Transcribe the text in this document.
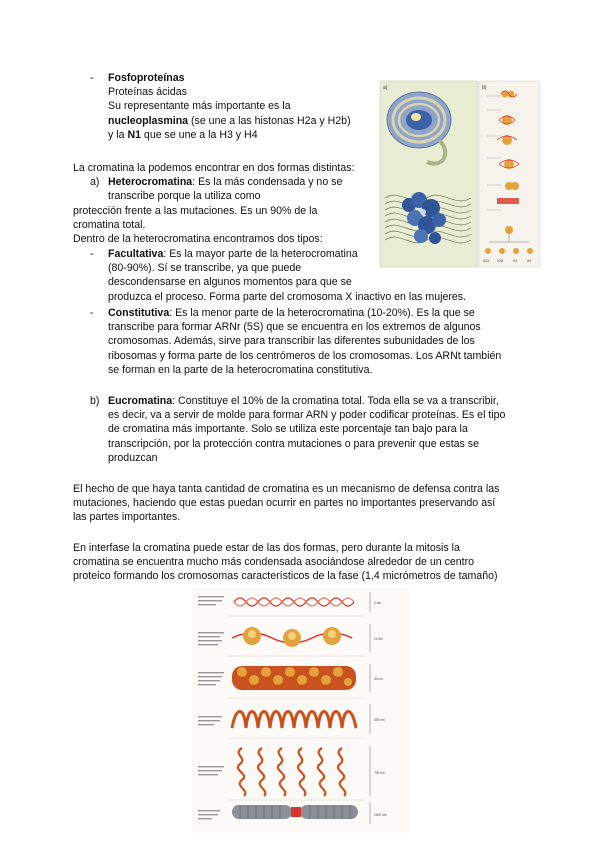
- Fosfoproteínas
Proteínas ácidas
Su representante más importante es la
nucleoplasmina (se une a las histonas H2a y H2b)
y la N1 que se une a la H3 y H4
La cromatina la podemos encontrar en dos formas distintas:
a) Heterocromatina: Es la más condensada y no se
transcribe porque la utiliza como
protección frente a las mutaciones. Es un 90% de la
cromatina total.
Dentro de la heterocromatina encontramos dos tipos:
- Facultativa: Es la mayor parte de la heterocromatina
(80-90%). Sí se transcribe, ya que puede
descondensarse en algunos momentos para que se
produzca el proceso. Forma parte del cromosoma X inactivo en las mujeres.
- Constitutiva: Es la menor parte de la heterocromatina (10-20%). Es la que se
transcribe para formar ARNr (5S) que se encuentra en los extremos de algunos
cromosomas. Además, sirve para transcribir las diferentes subunidades de los
ribosomas y forma parte de los centrómeros de los cromosomas. Los ARNt también
se forman en la parte de la heterocromatina constitutiva.
b) Eucromatina: Constituye el 10% de la cromatina total. Toda ella se va a transcribir,
es decir, va a servir de molde para formar ARN y poder codificar proteínas. Es el tipo
de cromatina más importante. Solo se utiliza este porcentaje tan bajo para la
transcripción, por la protección contra mutaciones o para prevenir que estas se
produzcan
El hecho de que haya tanta cantidad de cromatina es un mecanismo de defensa contra las
mutaciones, haciendo que estas puedan ocurrir en partes no importantes preservando así
las partes importantes.
En interfase la cromatina puede estar de las dos formas, pero durante la mitosis la
cromatina se encuentra mucho más condensada asociándose alrededor de un centro
proteico formando los cromosomas característicos de la fase (1,4 micrómetros de tamaño)
a)	b)
H2A H2B	H3	H4
2 nm
11 nm
30 nm
300 nm
700 nm
1400 nm
